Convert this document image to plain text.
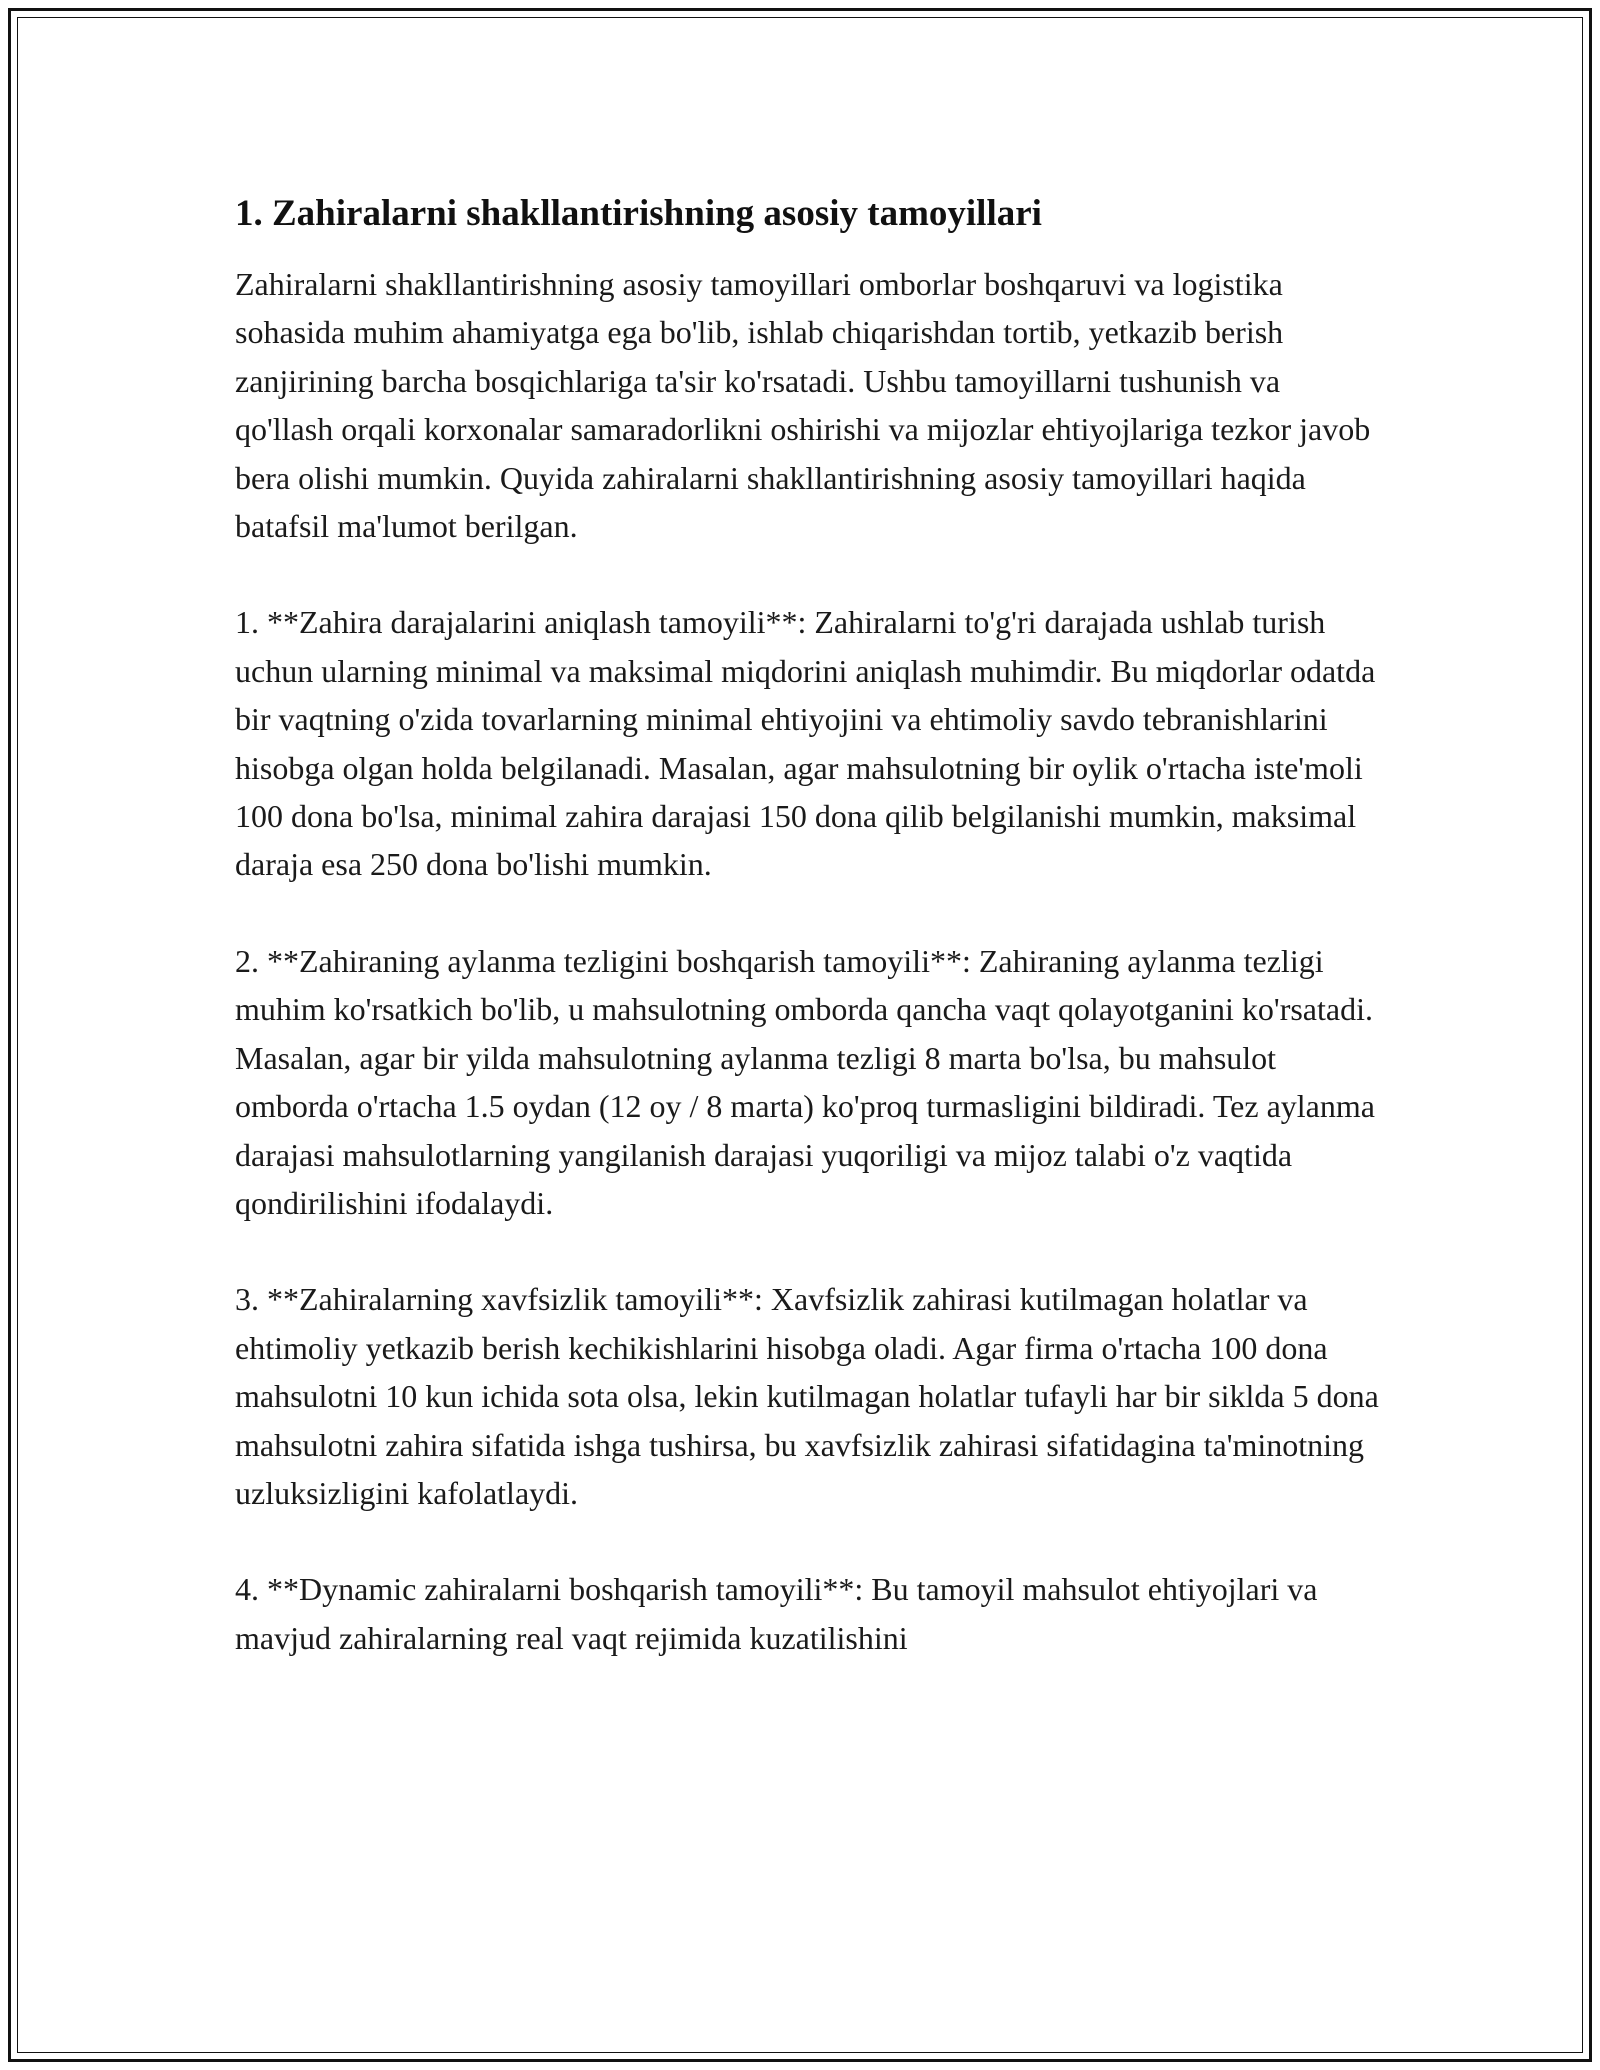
1. Zahiralarni shakllantirishning asosiy tamoyillari

Zahiralarni shakllantirishning asosiy tamoyillari omborlar boshqaruvi va logistika sohasida muhim ahamiyatga ega bo'lib, ishlab chiqarishdan tortib, yetkazib berish zanjirining barcha bosqichlariga ta'sir ko'rsatadi. Ushbu tamoyillarni tushunish va qo'llash orqali korxonalar samaradorlikni oshirishi va mijozlar ehtiyojlariga tezkor javob bera olishi mumkin. Quyida zahiralarni shakllantirishning asosiy tamoyillari haqida batafsil ma'lumot berilgan.

1. **Zahira darajalarini aniqlash tamoyili**: Zahiralarni to'g'ri darajada ushlab turish uchun ularning minimal va maksimal miqdorini aniqlash muhimdir. Bu miqdorlar odatda bir vaqtning o'zida tovarlarning minimal ehtiyojini va ehtimoliy savdo tebranishlarini hisobga olgan holda belgilanadi. Masalan, agar mahsulotning bir oylik o'rtacha iste'moli 100 dona bo'lsa, minimal zahira darajasi 150 dona qilib belgilanishi mumkin, maksimal daraja esa 250 dona bo'lishi mumkin.

2. **Zahiraning aylanma tezligini boshqarish tamoyili**: Zahiraning aylanma tezligi muhim ko'rsatkich bo'lib, u mahsulotning omborda qancha vaqt qolayotganini ko'rsatadi. Masalan, agar bir yilda mahsulotning aylanma tezligi 8 marta bo'lsa, bu mahsulot omborda o'rtacha 1.5 oydan (12 oy / 8 marta) ko'proq turmasligini bildiradi. Tez aylanma darajasi mahsulotlarning yangilanish darajasi yuqoriligi va mijoz talabi o'z vaqtida qondirilishini ifodalaydi.

3. **Zahiralarning xavfsizlik tamoyili**: Xavfsizlik zahirasi kutilmagan holatlar va ehtimoliy yetkazib berish kechikishlarini hisobga oladi. Agar firma o'rtacha 100 dona mahsulotni 10 kun ichida sota olsa, lekin kutilmagan holatlar tufayli har bir siklda 5 dona mahsulotni zahira sifatida ishga tushirsa, bu xavfsizlik zahirasi sifatidagina ta'minotning uzluksizligini kafolatlaydi.

4. **Dynamic zahiralarni boshqarish tamoyili**: Bu tamoyil mahsulot ehtiyojlari va mavjud zahiralarning real vaqt rejimida kuzatilishini
